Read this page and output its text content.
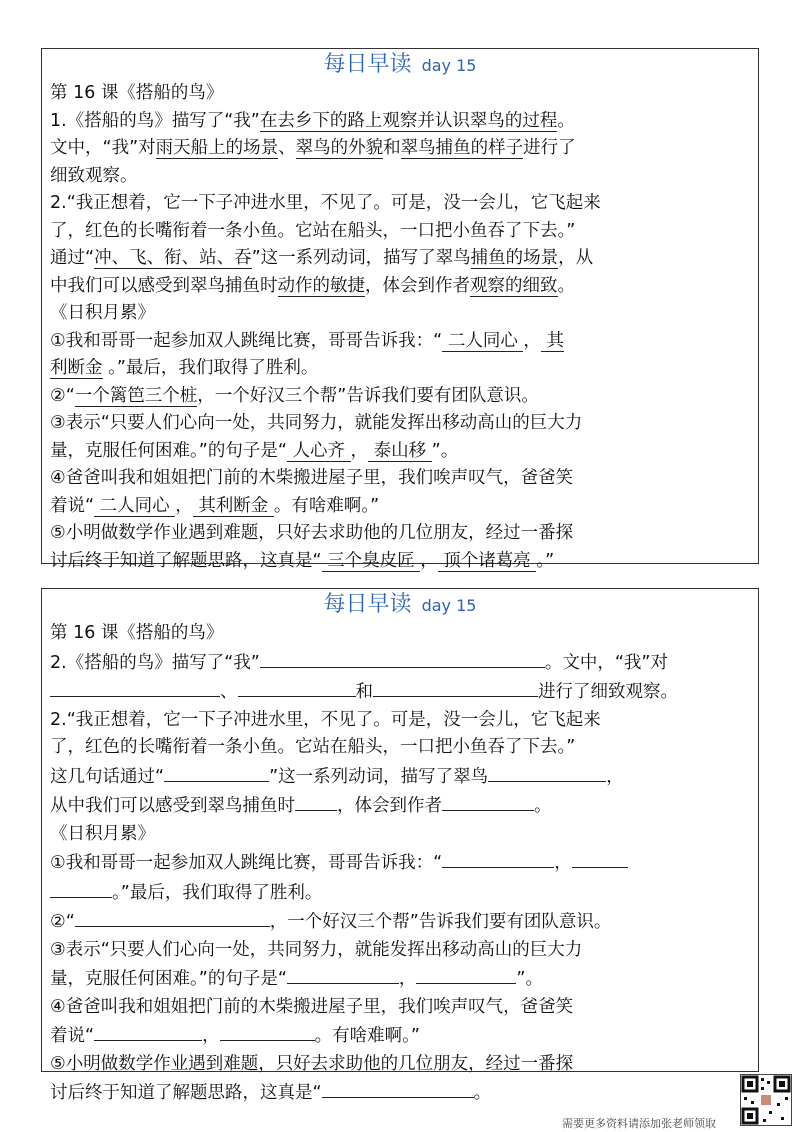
每日早读 day 15
第 16 课《搭船的鸟》
1.《搭船的鸟》描写了“我”在去乡下的路上观察并认识翠鸟的过程。
文中，“我”对雨天船上的场景、翠鸟的外貌和翠鸟捕鱼的样子进行了
细致观察。
2.“我正想着，它一下子冲进水里，不见了。可是，没一会儿，它飞起来
了，红色的长嘴衔着一条小鱼。它站在船头，一口把小鱼吞了下去。”
通过“冲、飞、衔、站、吞”这一系列动词，描写了翠鸟捕鱼的场景，从
中我们可以感受到翠鸟捕鱼时动作的敏捷，体会到作者观察的细致。
《日积月累》
①我和哥哥一起参加双人跳绳比赛，哥哥告诉我：“ 二人同心 ， 其
利断金 。”最后，我们取得了胜利。
②“一个篱笆三个桩，一个好汉三个帮”告诉我们要有团队意识。
③表示“只要人们心向一处，共同努力，就能发挥出移动高山的巨大力
量，克服任何困难。”的句子是“ 人心齐 ， 泰山移 ”。
④爸爸叫我和姐姐把门前的木柴搬进屋子里，我们唉声叹气，爸爸笑
着说“ 二人同心 ， 其利断金 。有啥难啊。”
⑤小明做数学作业遇到难题，只好去求助他的几位朋友，经过一番探
讨后终于知道了解题思路，这真是“ 三个臭皮匠 ， 顶个诸葛亮 。”
每日早读 day 15
第 16 课《搭船的鸟》
2.《搭船的鸟》描写了“我”	。文中，“我”对
、	和	进行了细致观察。
2.“我正想着，它一下子冲进水里，不见了。可是，没一会儿，它飞起来
了，红色的长嘴衔着一条小鱼。它站在船头，一口把小鱼吞了下去。”
这几句话通过“	”这一系列动词，描写了翠鸟	，
从中我们可以感受到翠鸟捕鱼时 ，体会到作者	。
《日积月累》
①我和哥哥一起参加双人跳绳比赛，哥哥告诉我：“	，
。”最后，我们取得了胜利。
②“	，一个好汉三个帮”告诉我们要有团队意识。
③表示“只要人们心向一处，共同努力，就能发挥出移动高山的巨大力
量，克服任何困难。”的句子是“	，	”。
④爸爸叫我和姐姐把门前的木柴搬进屋子里，我们唉声叹气，爸爸笑
着说“	，	。有啥难啊。”
⑤小明做数学作业遇到难题，只好去求助他的几位朋友，经过一番探
讨后终于知道了解题思路，这真是“	。
需要更多资料请添加张老师领取
